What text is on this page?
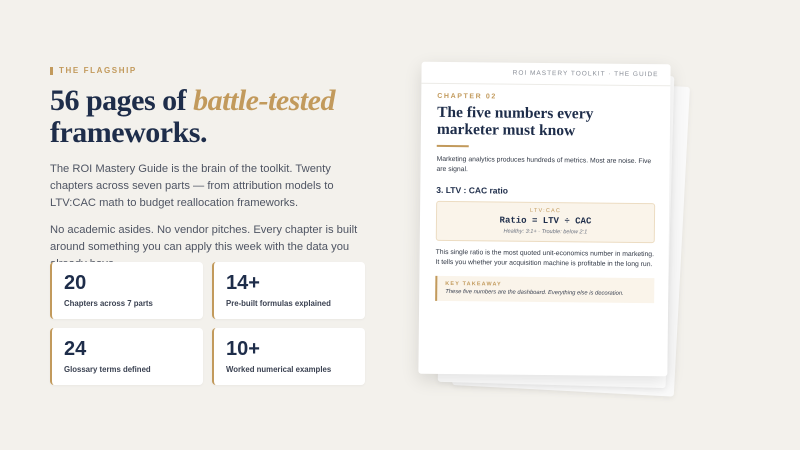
THE FLAGSHIP
56 pages of battle-tested
frameworks.

The ROI Mastery Guide is the brain of the toolkit. Twenty chapters across seven parts — from attribution models to LTV:CAC math to budget reallocation frameworks.

No academic asides. No vendor pitches. Every chapter is built around something you can apply this week with the data you

20
Chapters across 7 parts
14+
Pre-built formulas explained
24
Glossary terms defined
10+
Worked numerical examples
ROI MASTERY TOOLKIT · THE GUIDE
CHAPTER 02
The five numbers every marketer must know

Marketing analytics produces hundreds of metrics. Most are noise. Five are signal.

3. LTV : CAC ratio
LTV:CAC
Ratio = LTV ÷ CAC
Healthy: 3:1+ · Trouble: below 2:1

This single ratio is the most quoted unit-economics number in marketing. It tells you whether your acquisition machine is profitable in the long run.

KEY TAKEAWAY
These five numbers are the dashboard. Everything else is decoration.
